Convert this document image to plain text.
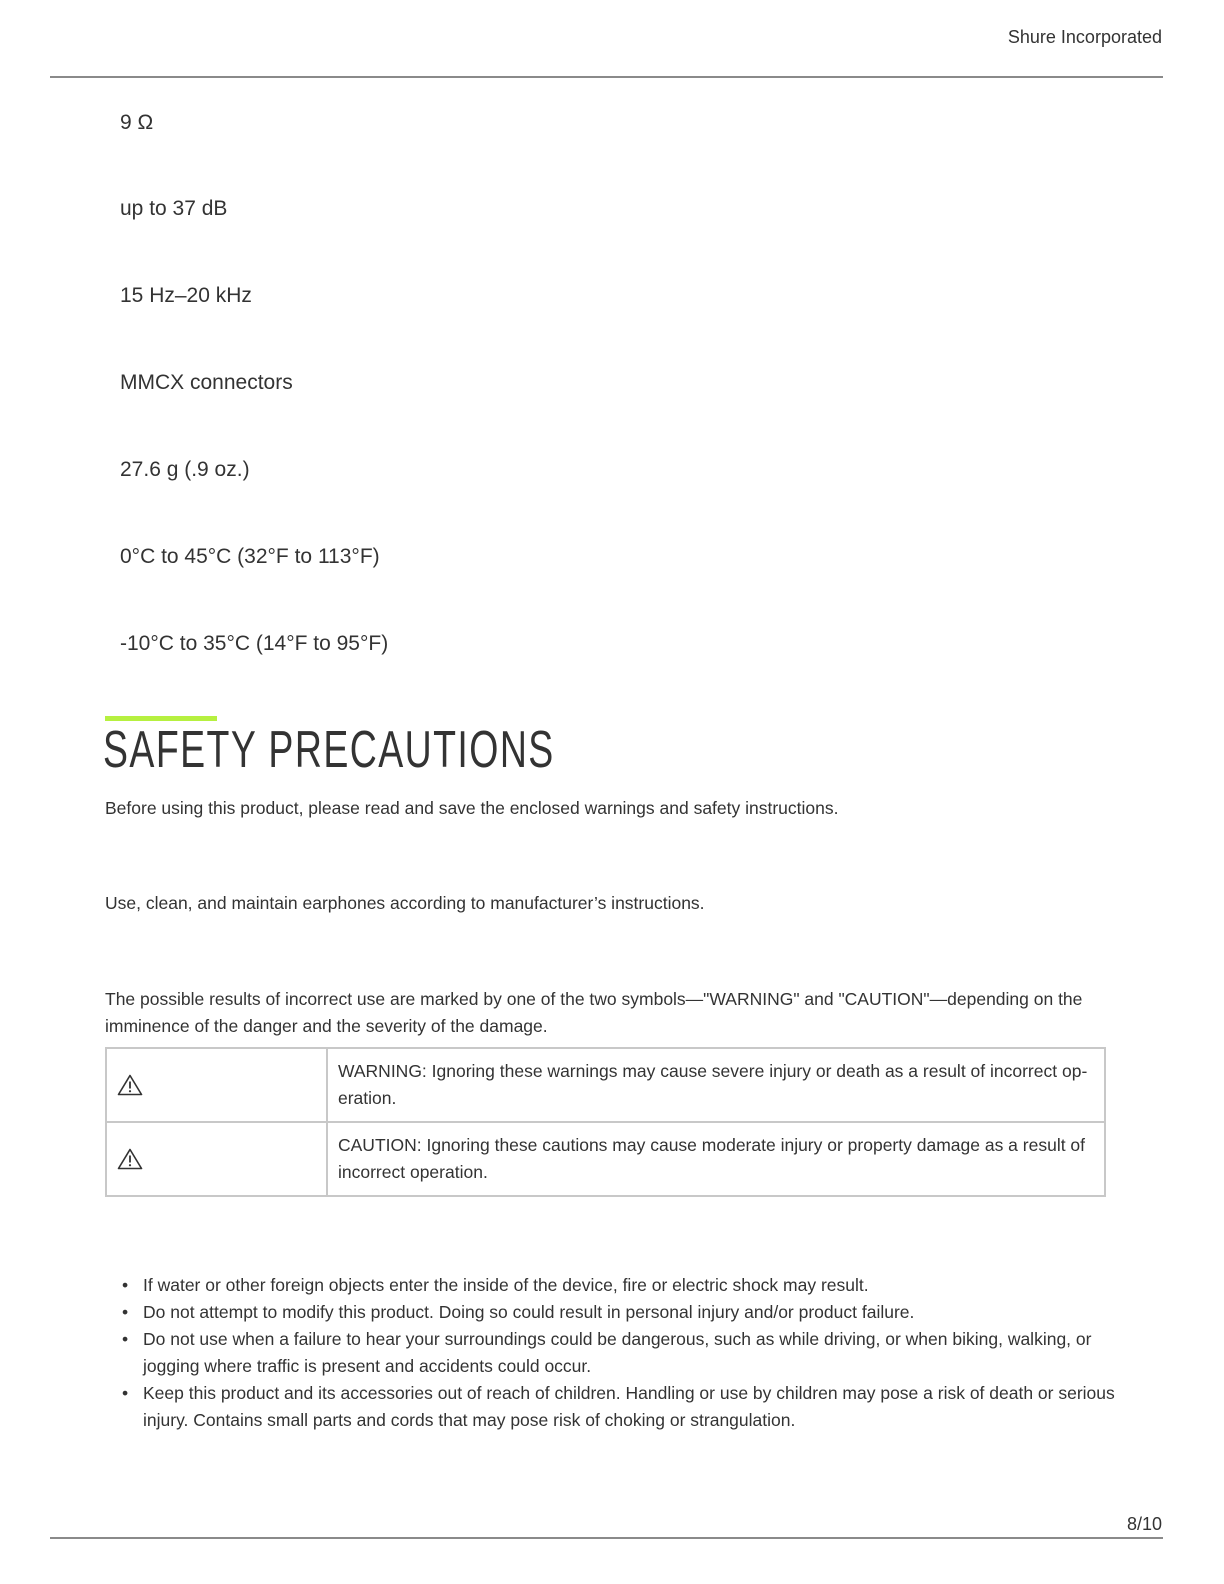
Shure Incorporated
9 Ω
up to 37 dB
15 Hz–20 kHz
MMCX connectors
27.6 g (.9 oz.)
0°C to 45°C (32°F to 113°F)
-10°C to 35°C (14°F to 95°F)
SAFETY PRECAUTIONS

Before using this product, please read and save the enclosed warnings and safety instructions.

Use, clean, and maintain earphones according to manufacturer’s instructions.

The possible results of incorrect use are marked by one of the two symbols—"WARNING" and "CAUTION"—depending on the imminence of the danger and the severity of the damage.

	WARNING: Ignoring these warnings may cause severe injury or death as a result of incorrect operation.

	CAUTION: Ignoring these cautions may cause moderate injury or property damage as a result of incorrect operation.
• If water or other foreign objects enter the inside of the device, fire or electric shock may result.
• Do not attempt to modify this product. Doing so could result in personal injury and/or product failure.
• Do not use when a failure to hear your surroundings could be dangerous, such as while driving, or when biking, walking, or jogging where traffic is present and accidents could occur.
• Keep this product and its accessories out of reach of children. Handling or use by children may pose a risk of death or serious injury. Contains small parts and cords that may pose risk of choking or strangulation.
8/10
